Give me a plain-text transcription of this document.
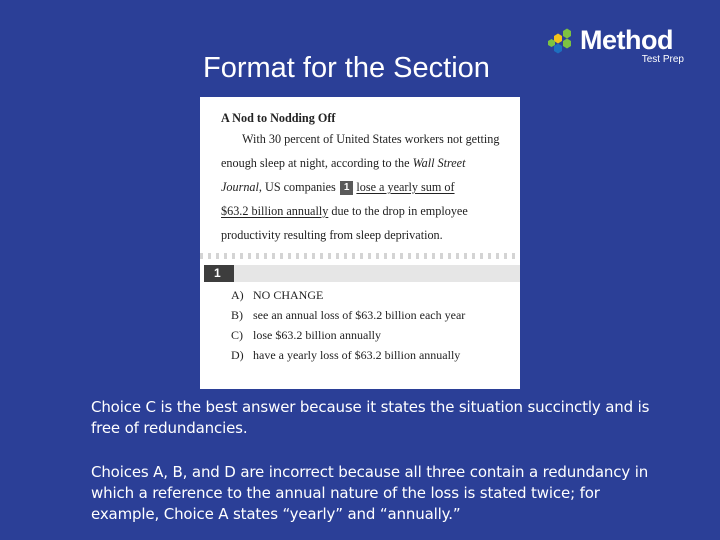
Format for the Section
Method
Test Prep
A Nod to Nodding Off
With 30 percent of United States workers not getting
enough sleep at night, according to the Wall Street
Journal, US companies 1 lose a yearly sum of
$63.2 billion annually due to the drop in employee
productivity resulting from sleep deprivation.
1
A) NO CHANGE
B) see an annual loss of $63.2 billion each year
C) lose $63.2 billion annually
D) have a yearly loss of $63.2 billion annually
Choice C is the best answer because it states the situation succinctly and is free of redundancies.
Choices A, B, and D are incorrect because all three contain a redundancy in which a reference to the annual nature of the loss is stated twice; for example, Choice A states “yearly” and “annually.”
